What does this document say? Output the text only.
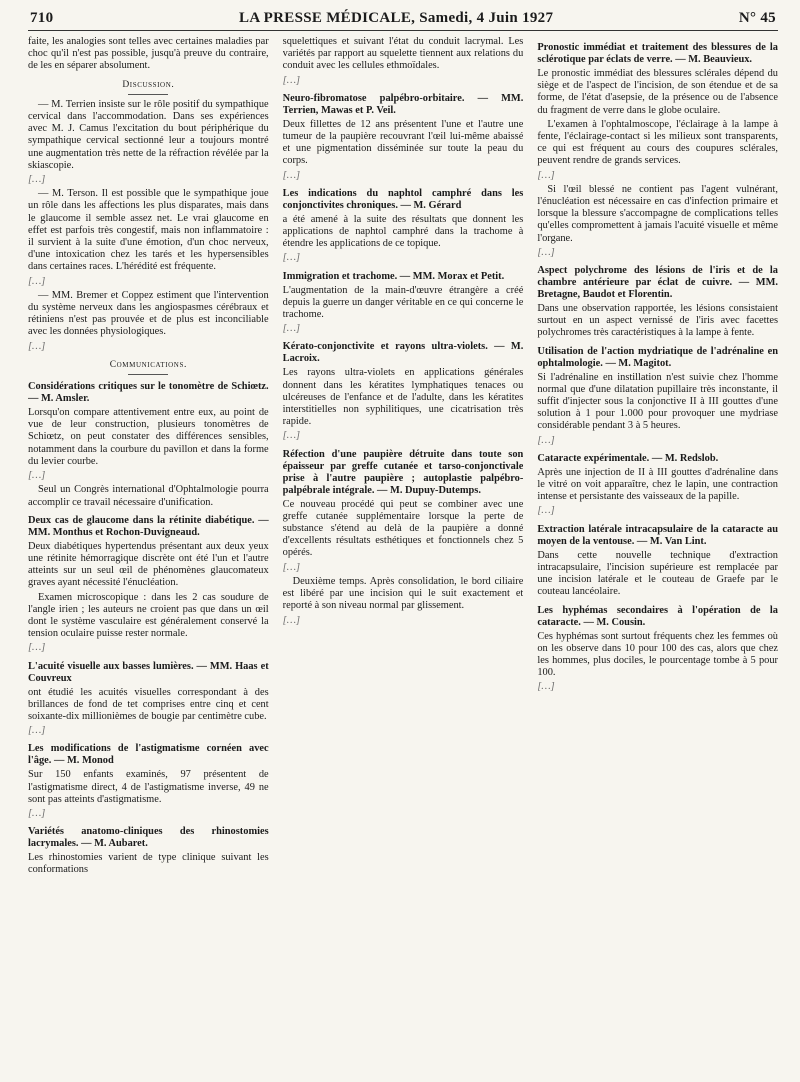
710	LA PRESSE MÉDICALE, Samedi, 4 Juin 1927	N° 45

faite, les analogies sont telles avec certaines maladies par choc qu'il n'est pas possible, jusqu'à preuve du contraire, de les en séparer absolument.

Discussion.

— M. Terrien insiste sur le rôle positif du sympathique cervical dans l'accommodation. Dans ses expériences avec M. J. Camus l'excitation du bout périphérique du sympathique cervical sectionné leur a toujours montré une augmentation très nette de la réfraction révélée par la skiascopie.

[…]

— M. Terson. Il est possible que le sympathique joue un rôle dans les affections les plus disparates, mais dans le glaucome il semble assez net. Le vrai glaucome en effet est parfois très congestif, mais non inflammatoire : il survient à la suite d'une émotion, d'un choc nerveux, d'une intoxication chez les tarés et les hypersensibles dans certaines races. L'hérédité est fréquente.

[…]

— MM. Bremer et Coppez estiment que l'intervention du système nerveux dans les angiospasmes cérébraux et rétiniens n'est pas prouvée et de plus est inconciliable avec les données physiologiques.

[…]

Communications.
Considérations critiques sur le tonomètre de Schiœtz. — M. Amsler.

Lorsqu'on compare attentivement entre eux, au point de vue de leur construction, plusieurs tonomètres de Schiœtz, on peut constater des différences sensibles, notamment dans la courbure du pavillon et dans la forme du levier courbe.

[…]

Seul un Congrès international d'Ophtalmologie pourra accomplir ce travail nécessaire d'unification.

Deux cas de glaucome dans la rétinite diabétique. — MM. Monthus et Rochon-Duvigneaud.

Deux diabétiques hypertendus présentant aux deux yeux une rétinite hémorragique discrète ont été l'un et l'autre atteints sur un seul œil de phénomènes glaucomateux graves ayant nécessité l'énucléation.

Examen microscopique : dans les 2 cas soudure de l'angle irien ; les auteurs ne croient pas que dans un œil dont le système vasculaire est généralement conservé la tension oculaire puisse rester normale.

[…]

L'acuité visuelle aux basses lumières. — MM. Haas et Couvreux

ont étudié les acuités visuelles correspondant à des brillances de fond de tet comprises entre cinq et cent soixante-dix millionièmes de bougie par centimètre cube.

[…]

Les modifications de l'astigmatisme cornéen avec l'âge. — M. Monod

Sur 150 enfants examinés, 97 présentent de l'astigmatisme direct, 4 de l'astigmatisme inverse, 49 ne sont pas atteints d'astigmatisme.

[…]

Variétés anatomo-cliniques des rhinostomies lacrymales. — M. Aubaret.

Les rhinostomies varient de type clinique suivant les conformations

squelettiques et suivant l'état du conduit lacrymal. Les variétés par rapport au squelette tiennent aux relations du conduit avec les cellules ethmoïdales.

[…]

Neuro-fibromatose palpébro-orbitaire. — MM. Terrien, Mawas et P. Veil.

Deux fillettes de 12 ans présentent l'une et l'autre une tumeur de la paupière recouvrant l'œil lui-même abaissé et une pigmentation disséminée sur toute la peau du corps.

[…]

Les indications du naphtol camphré dans les conjonctivites chroniques. — M. Gérard

a été amené à la suite des résultats que donnent les applications de naphtol camphré dans la trachome à étendre les applications de ce topique.

[…]

Immigration et trachome. — MM. Morax et Petit.

L'augmentation de la main-d'œuvre étrangère a créé depuis la guerre un danger véritable en ce qui concerne le trachome.

[…]

Kérato-conjonctivite et rayons ultra-violets. — M. Lacroix.

Les rayons ultra-violets en applications générales donnent dans les kératites lymphatiques tenaces ou ulcéreuses de l'enfance et de l'adulte, dans les kératites interstitielles non syphilitiques, une cicatrisation très rapide.

[…]

Réfection d'une paupière détruite dans toute son épaisseur par greffe cutanée et tarso-conjonctivale prise à l'autre paupière ; autoplastie palpébro-palpébrale intégrale. — M. Dupuy-Dutemps.

Ce nouveau procédé qui peut se combiner avec une greffe cutanée supplémentaire lorsque la perte de substance s'étend au delà de la paupière a donné d'excellents résultats esthétiques et fonctionnels chez 5 opérés.

[…]

Deuxième temps. Après consolidation, le bord ciliaire est libéré par une incision qui le suit exactement et reporté à son niveau normal par glissement.

[…]

Pronostic immédiat et traitement des blessures de la sclérotique par éclats de verre. — M. Beauvieux.

Le pronostic immédiat des blessures sclérales dépend du siège et de l'aspect de l'incision, de son étendue et de sa forme, de l'état d'asepsie, de la présence ou de l'absence du fragment de verre dans le globe oculaire.

L'examen à l'ophtalmoscope, l'éclairage à la lampe à fente, l'éclairage-contact si les milieux sont transparents, ce qui est fréquent au cours des coupures sclérales, peuvent rendre de grands services.

[…]

Si l'œil blessé ne contient pas l'agent vulnérant, l'énucléation est nécessaire en cas d'infection primaire et lorsque la blessure s'accompagne de complications telles qu'elles compromettent à jamais l'acuité visuelle et même l'organe.

[…]

Aspect polychrome des lésions de l'iris et de la chambre antérieure par éclat de cuivre. — MM. Bretagne, Baudot et Florentin.

Dans une observation rapportée, les lésions consistaient surtout en un aspect vernissé de l'iris avec facettes polychromes très caractéristiques à la lampe à fente.

Utilisation de l'action mydriatique de l'adrénaline en ophtalmologie. — M. Magitot.

Si l'adrénaline en instillation n'est suivie chez l'homme normal que d'une dilatation pupillaire très inconstante, il suffit d'injecter sous la conjonctive II à III gouttes d'une solution à 1 pour 1.000 pour provoquer une mydriase considérable pendant 3 à 5 heures.

[…]

Cataracte expérimentale. — M. Redslob.

Après une injection de II à III gouttes d'adrénaline dans le vitré on voit apparaître, chez le lapin, une contraction intense et persistante des vaisseaux de la papille.

[…]

Extraction latérale intracapsulaire de la cataracte au moyen de la ventouse. — M. Van Lint.

Dans cette nouvelle technique d'extraction intracapsulaire, l'incision supérieure est remplacée par une incision latérale et le couteau de Graefe par le couteau lancéolaire.

Les hyphémas secondaires à l'opération de la cataracte. — M. Cousin.

Ces hyphémas sont surtout fréquents chez les femmes où on les observe dans 10 pour 100 des cas, alors que chez les hommes, plus dociles, le pourcentage tombe à 5 pour 100.

[…]
